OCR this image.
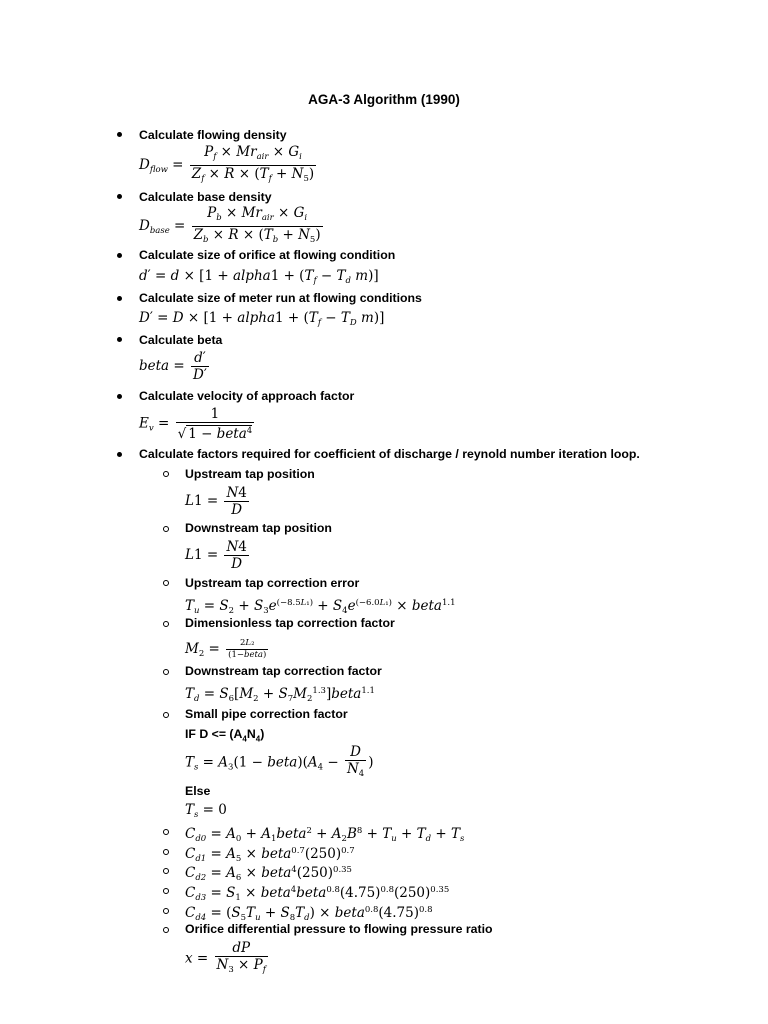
AGA-3 Algorithm (1990)
Calculate flowing density
$D_{flow} = \frac{P_f \times Mr_{air} \times G_i}{Z_f \times R \times (T_f + N_5)}$
Calculate base density
$D_{base} = \frac{P_b \times Mr_{air} \times G_i}{Z_b \times R \times (T_b + N_5)}$
Calculate size of orifice at flowing condition
d′ = d × [1 + alpha1 + ($T_f - T_d$ m)]
Calculate size of meter run at flowing conditions
D′ = D × [1 + alpha1 + ($T_f - T_D$ m)]
Calculate beta
beta = $\frac{d'}{D'}$
Calculate velocity of approach factor
$E_v = \frac{1}{√ 1 - beta^4}$
Calculate factors required for coefficient of discharge / reynold number iteration loop.
Upstream tap position
$L1 = \frac{N4}{D}$
Downstream tap position
$L1 = \frac{N4}{D}$
Upstream tap correction error
$T_u = S_2 + S_3e^{(-8.5L_1)} + S_4e^{(-6.0L_1)}$ × beta$^{1.1}$
Dimensionless tap correction factor
$M_2 = \frac{\text{2L₂}}{\text{(1−beta)}}$
Downstream tap correction factor
$T_d = S_6[M_2$ + $S_7M_2^{1.3}]beta^{1.1}$
Small pipe correction factor
IF $D <= (A_4N_4)$
$T_s = A_3(1$ − $beta)(A_4 - \frac{D}{N_4}$ )
Else
$T_s = 0$
$C_{d0} = A_0$ + $A_1beta^2 + A_2B^8 + T_u + T_d + T_s$
$C_{d1} = A_5$ × $beta^{0.7}(250)^{0.7}$
$C_{d2} = A_6$ × $beta^4(250)^{0.35}$
$C_{d3} = S_1$ × $beta^4beta^{0.8}(4.75)^{0.8}(250)^{0.35}$
$C_{d4} = (S_5T_u + S_8T_d)$ × $beta^{0.8}(4.75)^{0.8}$
Orifice differential pressure to flowing pressure ratio
$x = \frac{dP}{N_3 \times P_f}$
